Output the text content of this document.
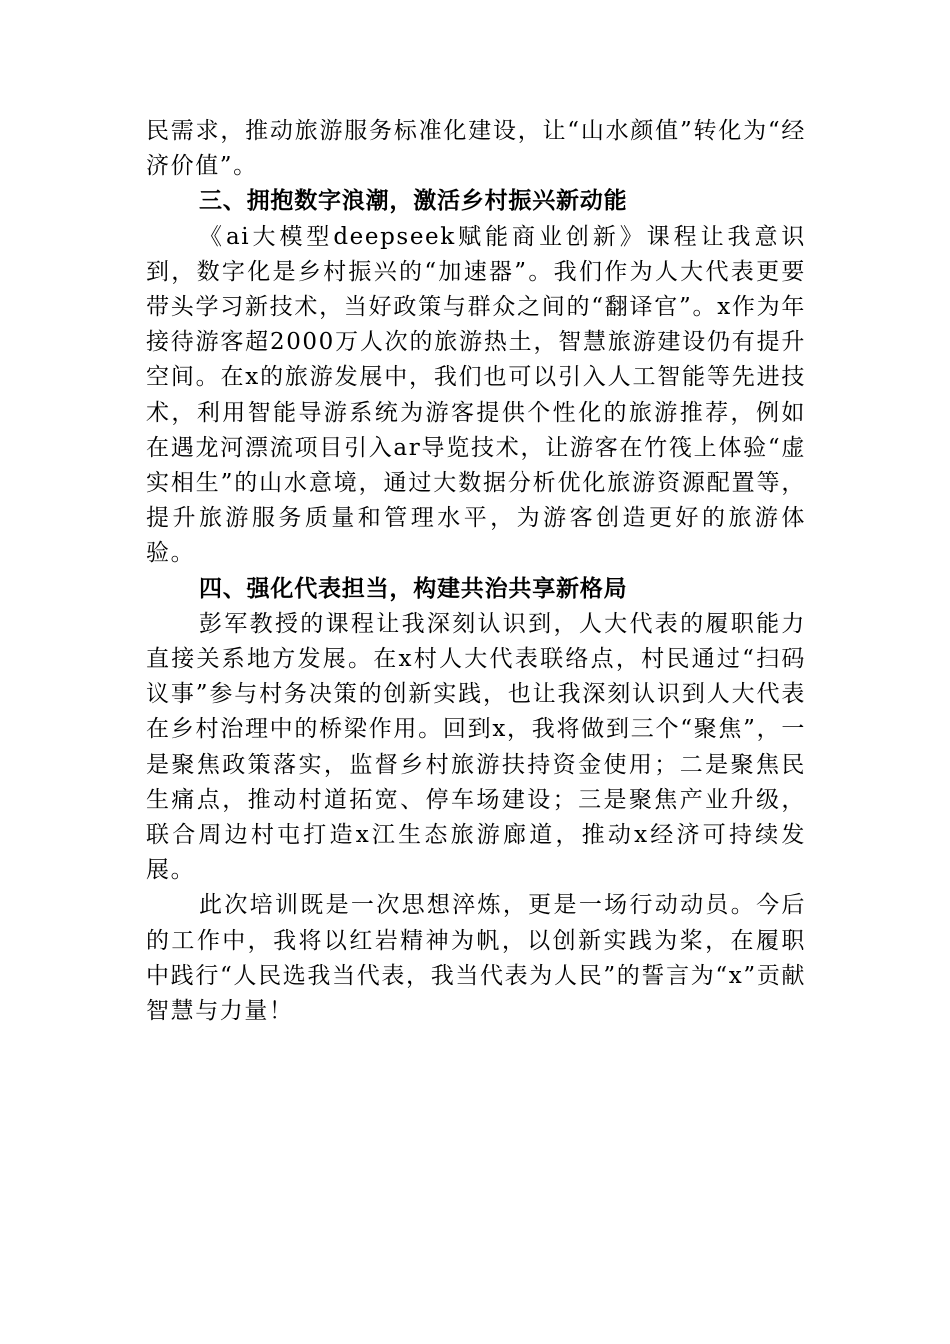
民需求，推动旅游服务标准化建设，让“山水颜值”转化为“经济价值”。

三、拥抱数字浪潮，激活乡村振兴新动能

《ai大模型deepseek赋能商业创新》课程让我意识到，数字化是乡村振兴的“加速器”。我们作为人大代表更要带头学习新技术，当好政策与群众之间的“翻译官”。x作为年接待游客超2000万人次的旅游热土，智慧旅游建设仍有提升空间。在x的旅游发展中，我们也可以引入人工智能等先进技术，利用智能导游系统为游客提供个性化的旅游推荐，例如在遇龙河漂流项目引入ar导览技术，让游客在竹筏上体验“虚实相生”的山水意境，通过大数据分析优化旅游资源配置等，提升旅游服务质量和管理水平，为游客创造更好的旅游体验。

四、强化代表担当，构建共治共享新格局

彭军教授的课程让我深刻认识到，人大代表的履职能力直接关系地方发展。在x村人大代表联络点，村民通过“扫码议事”参与村务决策的创新实践，也让我深刻认识到人大代表在乡村治理中的桥梁作用。回到x，我将做到三个“聚焦”，一是聚焦政策落实，监督乡村旅游扶持资金使用；二是聚焦民生痛点，推动村道拓宽、停车场建设；三是聚焦产业升级，联合周边村屯打造x江生态旅游廊道，推动x经济可持续发展。

此次培训既是一次思想淬炼，更是一场行动动员。今后的工作中，我将以红岩精神为帆，以创新实践为桨，在履职中践行“人民选我当代表，我当代表为人民”的誓言为“x”贡献智慧与力量！
